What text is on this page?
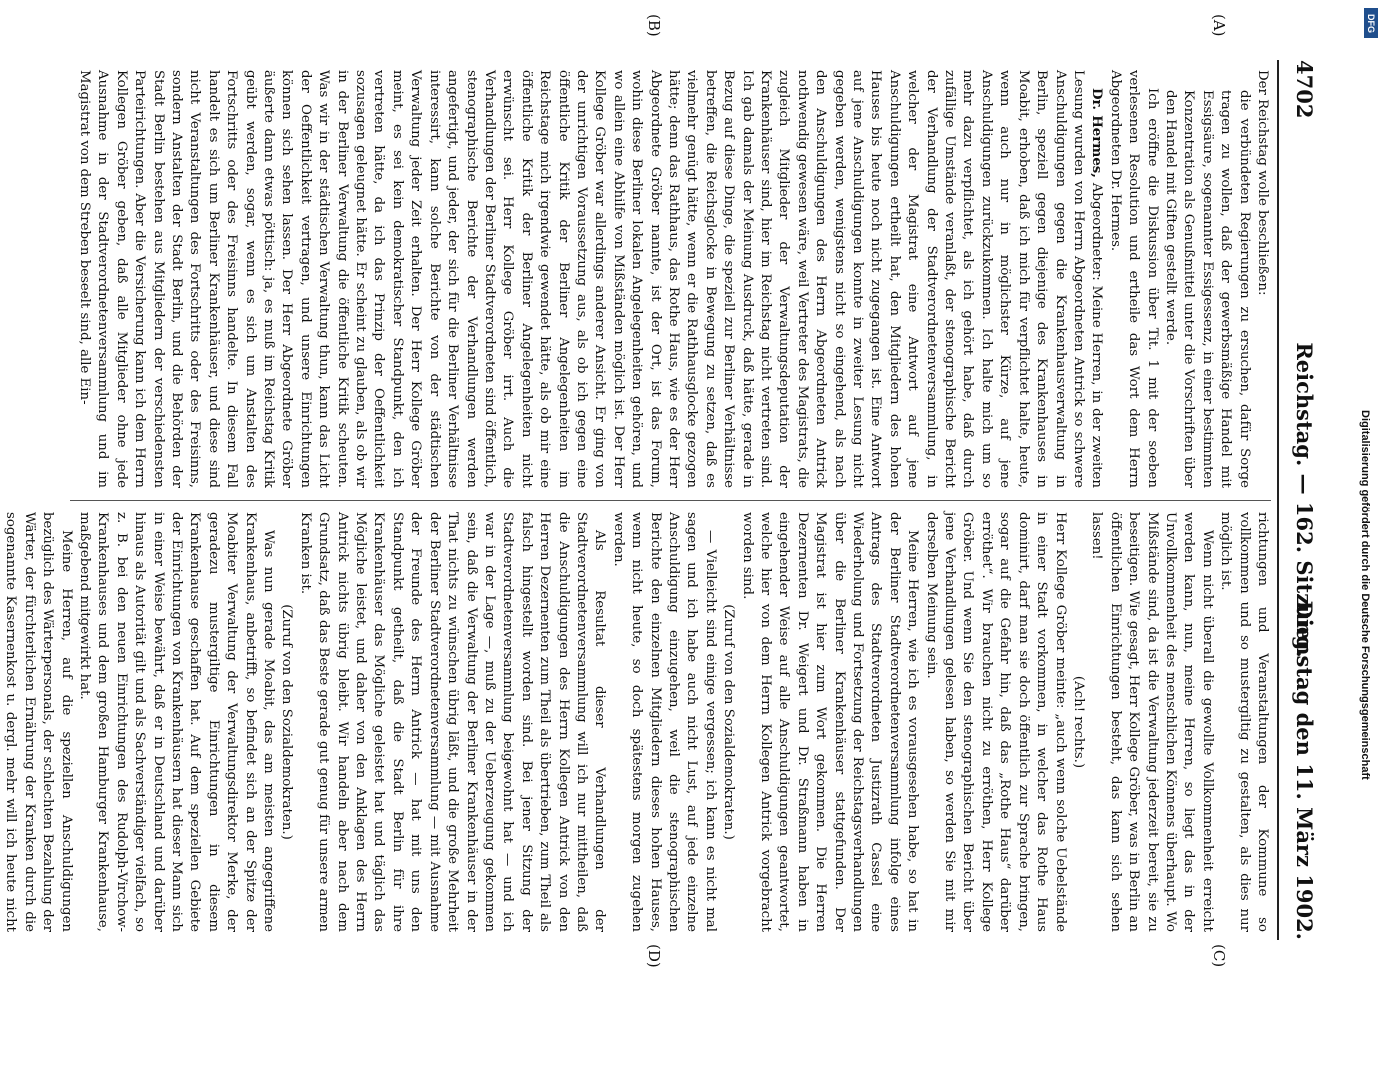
4702
Reichstag. — 162. Sitzung.
Dienstag den 11. März 1902.
(A)
(B)
(C)
(D)

Der Reichstag wolle beschließen:

die verbündeten Regierungen zu ersuchen, dafür Sorge tragen zu wollen, daß der gewerbsmäßige Handel mit Essigsäure, sogenannter Essigessenz, in einer bestimmten Konzentration als Genußmittel unter die Vorschriften über den Handel mit Giften gestellt werde.

Ich eröffne die Diskussion über Tit. 1 mit der soeben verlesenen Resolution und ertheile das Wort dem Herrn Abgeordneten Dr. Hermes.

Dr. Hermes, Abgeordneter: Meine Herren, in der zweiten Lesung wurden von Herrn Abgeordneten Antrick so schwere Anschuldigungen gegen die Krankenhausverwaltung in Berlin, speziell gegen diejenige des Krankenhauses in Moabit, erhoben, daß ich mich für verpflichtet halte, heute, wenn auch nur in möglichster Kürze, auf jene Anschuldigungen zurückzukommen. Ich halte mich um so mehr dazu verpflichtet, als ich gehört habe, daß durch zufällige Umstände veranlaßt, der stenographische Bericht der Verhandlung der Stadtverordnetenversammlung, in welcher der Magistrat eine Antwort auf jene Anschuldigungen ertheilt hat, den Mitgliedern des hohen Hauses bis heute noch nicht zugegangen ist. Eine Antwort auf jene Anschuldigungen konnte in zweiter Lesung nicht gegeben werden, wenigstens nicht so eingehend, als nach den Anschuldigungen des Herrn Abgeordneten Antrick nothwendig gewesen wäre, weil Vertreter des Magistrats, die zugleich Mitglieder der Verwaltungsdeputation der Krankenhäuser sind, hier im Reichstag nicht vertreten sind. Ich gab damals der Meinung Ausdruck, daß hätte, gerade in Bezug auf diese Dinge, die speziell zur Berliner Verhältnisse betreffen, die Reichsglocke in Bewegung zu setzen, daß es vielmehr genügt hätte, wenn er die Rathhausglocke gezogen hätte; denn das Rathhaus, das Rothe Haus, wie es der Herr Abgeordnete Gröber nannte, ist der Ort, ist das Forum, wohin diese Berliner lokalen Angelegenheiten gehören, und wo allein eine Abhilfe von Mißständen möglich ist. Der Herr Kollege Gröber war allerdings anderer Ansicht. Er ging von der unrichtigen Voraussetzung aus, als ob ich gegen eine öffentliche Kritik der Berliner Angelegenheiten im Reichstage mich irgendwie gewendet hätte, als ob mir eine öffentliche Kritik der Berliner Angelegenheiten nicht erwünscht sei. Herr Kollege Gröber irrt. Auch die Verhandlungen der Berliner Stadtverordneten sind öffentlich, stenographische Berichte der Verhandlungen werden angefertigt, und jeder, der sich für die Berliner Verhältnisse interessirt, kann solche Berichte von der städtischen Verwaltung jeder Zeit erhalten. Der Herr Kollege Gröber meint, es sei kein demokratischer Standpunkt, den ich vertreten hätte, da ich das Prinzip der Oeffentlichkeit sozusagen geleugnet hätte. Er scheint zu glauben, als ob wir in der Berliner Verwaltung die öffentliche Kritik scheuten. Was wir in der städtischen Verwaltung thun, kann das Licht der Oeffentlichkeit vertragen, und unsere Einrichtungen können sich sehen lassen. Der Herr Abgeordnete Gröber äußerte dann etwas pöttisch: ja, es muß im Reichstag Kritik geübt werden, sogar, wenn es sich um Anstalten des Fortschritts oder des Freisinns handelte. In diesem Fall handelt es sich um Berliner Krankenhäuser, und diese sind nicht Veranstaltungen des Fortschritts oder des Freisinns, sondern Anstalten der Stadt Berlin, und die Behörden der Stadt Berlin bestehen aus Mitgliedern der verschiedensten Parteirichtungen. Aber die Versicherung kann ich dem Herrn Kollegen Gröber geben, daß alle Mitglieder ohne jede Ausnahme in der Stadtverordnetenversammlung und im Magistrat von dem Streben beseelt sind, alle Ein-

richtungen und Veranstaltungen der Kommune so vollkommen und so mustergiltig zu gestalten, als dies nur möglich ist.

Wenn nicht überall die gewollte Vollkommenheit erreicht werden kann, nun, meine Herren, so liegt das in der Unvollkommenheit des menschlichen Könnens überhaupt. Wo Mißstände sind, da ist die Verwaltung jederzeit bereit, sie zu beseitigen. Wie gesagt, Herr Kollege Gröber, was in Berlin an öffentlichen Einrichtungen besteht, das kann sich sehen lassen!

(Ach! rechts.)

Herr Kollege Gröber meinte: „auch wenn solche Uebelstände in einer Stadt vorkommen, in welcher das Rothe Haus dominirt, darf man sie doch öffentlich zur Sprache bringen, sogar auf die Gefahr hin, daß das „Rothe Haus“ darüber erröthet“. Wir brauchen nicht zu erröthen, Herr Kollege Gröber. Und wenn Sie den stenographischen Bericht über jene Verhandlungen gelesen haben, so werden Sie mit mir derselben Meinung sein.

Meine Herren, wie ich es vorausgesehen habe, so hat in der Berliner Stadtverordnetenversammlung infolge eines Antrags des Stadtverordneten Justizrath Cassel eine Wiederholung und Fortsetzung der Reichstagsverhandlungen über die Berliner Krankenhäuser stattgefunden. Der Magistrat ist hier zum Wort gekommen. Die Herren Dezernenten Dr. Weigert und Dr. Straßmann haben in eingehender Weise auf alle Anschuldigungen geantwortet, welche hier von dem Herrn Kollegen Antrick vorgebracht worden sind.

(Zuruf von den Sozialdemokraten.)

— Vielleicht sind einige vergessen; ich kann es nicht mal sagen und ich habe auch nicht Lust, auf jede einzelne Anschuldigung einzugehen, weil die stenographischen Berichte den einzelnen Mitgliedern dieses hohen Hauses, wenn nicht heute, so doch spätestens morgen zugehen werden.

Als Resultat dieser Verhandlungen der Stadtverordnetenversammlung will ich nur mittheilen, daß die Anschuldigungen des Herrn Kollegen Antrick von den Herren Dezernenten zum Theil als übertrieben, zum Theil als falsch hingestellt worden sind. Bei jener Sitzung der Stadtverordnetenversammlung beigewohnt hat — und ich war in der Lage —, muß zu der Ueberzeugung gekommen sein, daß die Verwaltung der Berliner Krankenhäuser in der That nichts zu wünschen übrig läßt, und die große Mehrheit der Berliner Stadtverordnetenversammlung — mit Ausnahme der Freunde des Herrn Antrick — hat mit uns den Standpunkt getheilt, daß die Stadt Berlin für ihre Krankenhäuser das Mögliche geleistet hat und täglich das Mögliche leistet, und daher von den Anklagen des Herrn Antrick nichts übrig bleibt. Wir handeln aber nach dem Grundsatz, daß das Beste gerade gut genug für unsere armen Kranken ist.

(Zuruf von den Sozialdemokraten.)

Was nun gerade Moabit, das am meisten angegriffene Krankenhaus, anbetrifft, so befindet sich an der Spitze der Moabiter Verwaltung der Verwaltungsdirektor Merke, der geradezu mustergiltige Einrichtungen in diesem Krankenhause geschaffen hat. Auf dem speziellen Gebiete der Einrichtungen von Krankenhäusern hat dieser Mann sich in einer Weise bewährt, daß er in Deutschland und darüber hinaus als Autorität gilt und als Sachverständiger vielfach, so z. B. bei den neuen Einrichtungen des Rudolph-Virchow-Krankenhauses und dem großen Hamburger Krankenhause, maßgebend mitgewirkt hat.

Meine Herren, auf die speziellen Anschuldigungen bezüglich des Wärterpersonals, der schlechten Bezahlung der Wärter, der fürchterlichen Ernährung der Kranken durch die sogenannte Kasernenkost u. dergl. mehr will ich heute nicht

DFG
Digitalisierung gefördert durch die Deutsche Forschungsgemeinschaft
